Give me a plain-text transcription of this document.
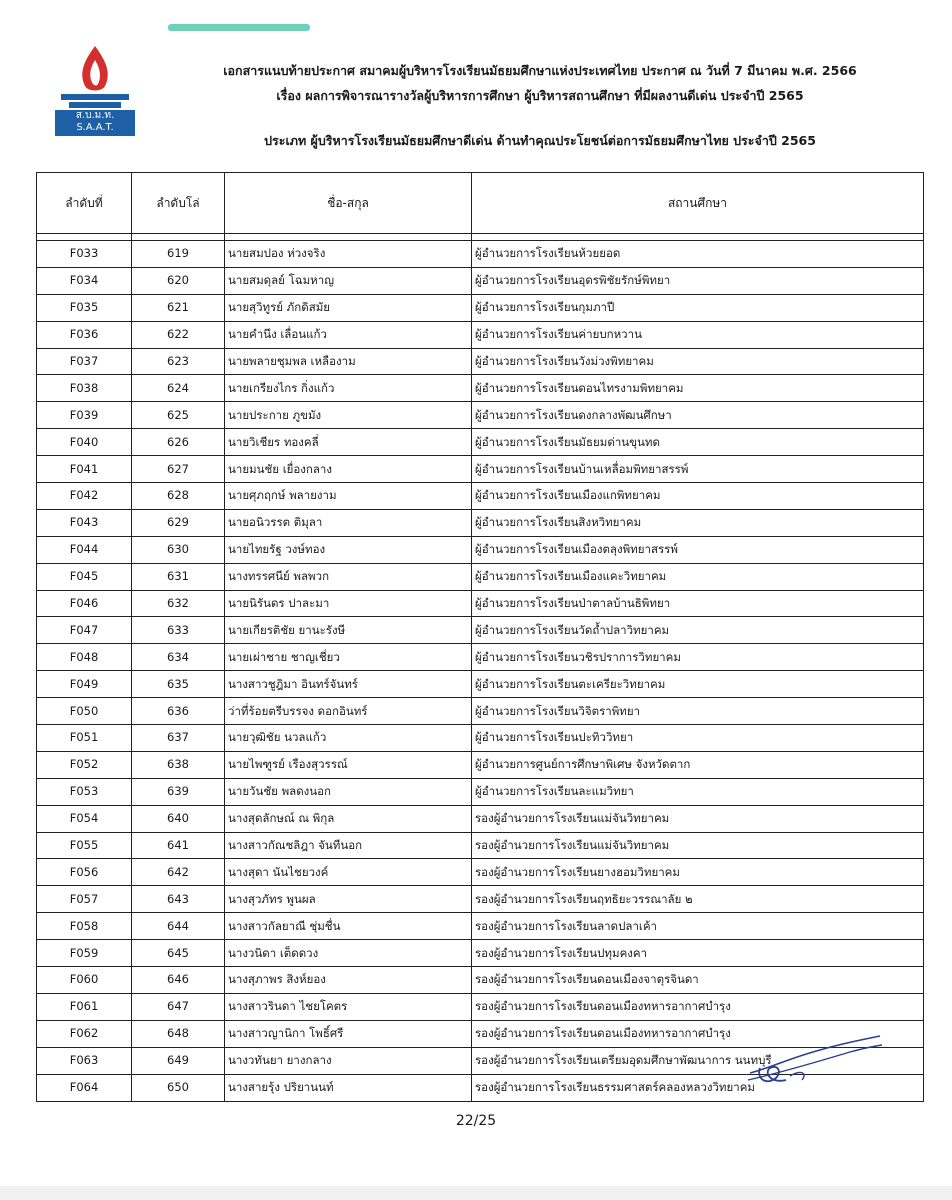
ส.บ.ม.ท.
S.A.A.T.
เอกสารแนบท้ายประกาศ สมาคมผู้บริหารโรงเรียนมัธยมศึกษาแห่งประเทศไทย ประกาศ ณ วันที่ 7 มีนาคม พ.ศ. 2566
เรื่อง ผลการพิจารณารางวัลผู้บริหารการศึกษา ผู้บริหารสถานศึกษา ที่มีผลงานดีเด่น ประจำปี 2565
ประเภท ผู้บริหารโรงเรียนมัธยมศึกษาดีเด่น ด้านทำคุณประโยชน์ต่อการมัธยมศึกษาไทย ประจำปี 2565
ลำดับที่	ลำดับโล่	ชื่อ-สกุล	สถานศึกษา

F033	619	นายสมปอง ห่วงจริง	ผู้อำนวยการโรงเรียนห้วยยอด
F034	620	นายสมดุลย์ โฉมหาญ	ผู้อำนวยการโรงเรียนอุดรพิชัยรักษ์พิทยา
F035	621	นายสุวิทูรย์ ภักดิสมัย	ผู้อำนวยการโรงเรียนกุมภาปี
F036	622	นายคำนึง เลื่อนแก้ว	ผู้อำนวยการโรงเรียนค่ายบกหวาน
F037	623	นายพลายชุมพล เหลืองาม	ผู้อำนวยการโรงเรียนวังม่วงพิทยาคม
F038	624	นายเกรียงไกร กิ่งแก้ว	ผู้อำนวยการโรงเรียนดอนไทรงามพิทยาคม
F039	625	นายประกาย ภูขมัง	ผู้อำนวยการโรงเรียนดงกลางพัฒนศึกษา
F040	626	นายวิเชียร ทองคลี่	ผู้อำนวยการโรงเรียนมัธยมด่านขุนทด
F041	627	นายมนชัย เยื่องกลาง	ผู้อำนวยการโรงเรียนบ้านเหลื่อมพิทยาสรรพ์
F042	628	นายศุภฤกษ์ พลายงาม	ผู้อำนวยการโรงเรียนเมืองแกพิทยาคม
F043	629	นายอนิวรรต ติมุลา	ผู้อำนวยการโรงเรียนสิงหวิทยาคม
F044	630	นายไทยรัฐ วงษ์ทอง	ผู้อำนวยการโรงเรียนเมืองตลุงพิทยาสรรพ์
F045	631	นางทรรศนีย์ พลพวก	ผู้อำนวยการโรงเรียนเมืองแคะวิทยาคม
F046	632	นายนิรันดร ปาละมา	ผู้อำนวยการโรงเรียนป่าตาลบ้านธิพิทยา
F047	633	นายเกียรติชัย ยานะรังษี	ผู้อำนวยการโรงเรียนวัดถ้ำปลาวิทยาคม
F048	634	นายเผ่าชาย ชาญเชี่ยว	ผู้อำนวยการโรงเรียนวชิรปราการวิทยาคม
F049	635	นางสาวชูฎิมา อินทร์จันทร์	ผู้อำนวยการโรงเรียนตะเครียะวิทยาคม
F050	636	ว่าที่ร้อยตรีบรรจง ดอกอินทร์	ผู้อำนวยการโรงเรียนวิจิตราพิทยา
F051	637	นายวุฒิชัย นวลแก้ว	ผู้อำนวยการโรงเรียนปะทิววิทยา
F052	638	นายไพฑูรย์ เรืองสุวรรณ์	ผู้อำนวยการศูนย์การศึกษาพิเศษ จังหวัดตาก
F053	639	นายวันชัย พลดงนอก	ผู้อำนวยการโรงเรียนละแมวิทยา
F054	640	นางสุดลักษณ์ ณ พิกุล	รองผู้อำนวยการโรงเรียนแม่จันวิทยาคม
F055	641	นางสาวกัณชลิฎา จันทีนอก	รองผู้อำนวยการโรงเรียนแม่จันวิทยาคม
F056	642	นางสุดา นันไชยวงค์	รองผู้อำนวยการโรงเรียนยางฮอมวิทยาคม
F057	643	นางสุวภัทร พูนผล	รองผู้อำนวยการโรงเรียนฤทธิยะวรรณาลัย ๒
F058	644	นางสาวกัลยาณี ชุ่มชื่น	รองผู้อำนวยการโรงเรียนลาดปลาเค้า
F059	645	นางวนิดา เต็ดดวง	รองผู้อำนวยการโรงเรียนปทุมคงคา
F060	646	นางสุภาพร สิงห์ยอง	รองผู้อำนวยการโรงเรียนดอนเมืองจาตุรจินดา
F061	647	นางสาวรินดา ไชยโคตร	รองผู้อำนวยการโรงเรียนดอนเมืองทหารอากาศบำรุง
F062	648	นางสาวญานิกา โพธิ์ศรี	รองผู้อำนวยการโรงเรียนดอนเมืองทหารอากาศบำรุง
F063	649	นางวทันยา ยางกลาง	รองผู้อำนวยการโรงเรียนเตรียมอุดมศึกษาพัฒนาการ นนทบุรี
F064	650	นางสายรุ้ง ปริยานนท์	รองผู้อำนวยการโรงเรียนธรรมศาสตร์คลองหลวงวิทยาคม
22/25
